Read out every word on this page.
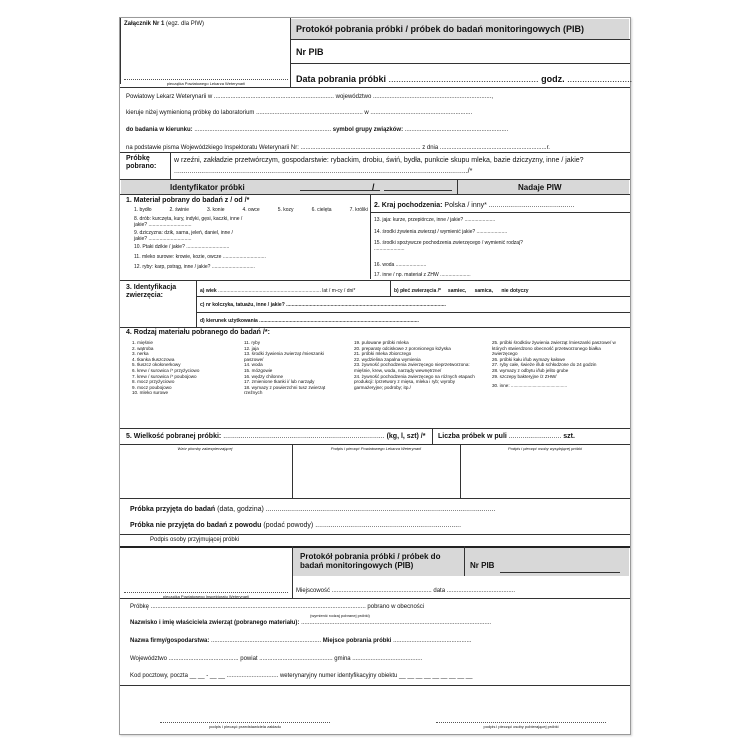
Załącznik Nr 1 (egz. dla PIW)
pieczątka Powiatowego Lekarza Weterynarii
Protokół pobrania próbki / próbek do badań monitoringowych (PIB)
Nr PIB
Data pobrania próbki ............................................................ godz. ..........................
Powiatowy Lekarz Weterynarii w ........................................................................ województwo .......................................................................,
kieruje niżej wymienioną próbkę do laboratorium ................................................................ w .............................................................
do badania w kierunku: .................................................................................. symbol grupy związków: ..............................................................
na podstawie pisma Wojewódzkiego Inspektoratu Weterynarii Nr: ........................................................................ z dnia ................................................................r.
Próbkę pobrano:
w rzeźni, zakładzie przetwórczym, gospodarstwie: rybackim, drobiu, świń, bydła, punkcie skupu mleka, bazie dziczyzny, inne / jakie? ......................................................................................................................................................./*
Identyfikator próbki	/	Nadaje PIW
1. Materiał pobrany do badań z / od /*
1. bydło	2. świnie	3. konie	4. owce	5. kozy	6. cielęta	7. króliki
8. drób: kurczęta, kury, indyki, gęsi, kaczki, inne / jakie? ...............................
9. dziczyzna: dzik, sarna, jeleń, daniel, inne / jakie? ...............................
10. Ptaki dzikie / jakie? ...............................
11. mleko surowe: krowie, kozie, owcze ...............................
12. ryby: karp, pstrąg, inne / jakie? ...............................
2. Kraj pochodzenia: Polska / inny* ............................................
13. jaja: kurze, przepiórcze, inne / jakie? ......................
14. środki żywienia zwierząt / wymienić jakie? ......................
15. środki spożywcze pochodzenia zwierzęcego / wymienić rodzaj? ......................
16. woda ......................
17. inne / np. materiał z ZHW ......................
3. Identyfikacja zwierzęcia:
a) wiek .......................................................................... lat / m-cy / dni*	b) płeć zwierzęcia /* samiec, samica, nie dotyczy
c) nr kolczyka, tatuażu, inne / jakie? ...................................................................................................................
d) kierunek użytkowania ...................................................................................................................
4. Rodzaj materiału pobranego do badań /*:
1. mięśnie
2. wątroba
3. nerka
4. tkanka tłuszczowa
5. tłuszcz okołonerkowy
6. krew / surowica /* przyżyciowo
7. krew / surowica /* poubojowo
8. mocz przyżyciowo
9. mocz poubojowo
10. mleko surowe
11. ryby
12. jaja
13. środki żywienia zwierząt /mieszanki paszowe/
14. woda
15. mózgowie
16. wędzy chilonne
17. zmienione tkanki i/ lub narządy
18. wymazy z powierzchni tusz zwierząt rzeźnych
19. pulowane próbki mleka
20. preparaty odciskowe z poronionego łożyska
21. próbki mleka zbiorczego
22. wydzielina zapalna wymienia
23. żywność pochodzenia zwierzęcego nieprzetworzona: mięśnie, krew, woda, narządy wewnętrzne/
24. żywność pochodzenia zwierzęcego na różnych etapach produkcji: /przetwory z mięsa, mleka i ryb; wyroby garmażeryjne; podroby; itp./
25. próbki środków żywienia zwierząt /mieszanki paszowe/ w których stwierdzono obecność przetworzonego białka zwierzęcego
26. próbki kału i/lub wymazy kałowe
27. ryby całe, świeże i/lub schłodzone do 24 godzin
28. wymazy z odbytu i/lub jelito grube
29. szczepy bakteryjne /z ZHW/
30. inne: ............................................
5. Wielkość pobranej próbki: ................................................................................... (kg, l, szt) /* Liczba próbek w puli ........................... szt.
Wzór plomby zabezpieczającej	Podpis i pieczęć Powiatowego Lekarza Weterynarii	Podpis i pieczęć osoby wysyłającej próbki
Próbka przyjęta do badań (data, godzina) ......................................................................................................................
Próbka nie przyjęta do badań z powodu (podać powody) ...........................................................................
Podpis osoby przyjmującej próbki
pieczątka Powiatowego Inspektoratu Weterynarii
Protokół pobrania próbki / próbek do badań monitoringowych (PIB)	Nr PIB
Miejscowość ............................................................ data .........................................
Próbkę ................................................................................................................................. pobrano w obecności
(wymienić rodzaj pobranej próbki)
Nazwisko i imię właściciela zwierząt (pobranego materiału): ..................................................................................................................
Nazwa firmy/gospodarstwa: .................................................................. Miejsce pobrania próbki ...............................................
Województwo .......................................... powiat ............................................ gmina ..........................................
Kod pocztowy, poczta __ __ - __ __ ............................... weterynaryjny numer identyfikacyjny obiektu __ __ __ __ __ __ __ __ __
podpis i pieczęć przedstawiciela zakładu	podpis i pieczęć osoby pobierającej próbki
